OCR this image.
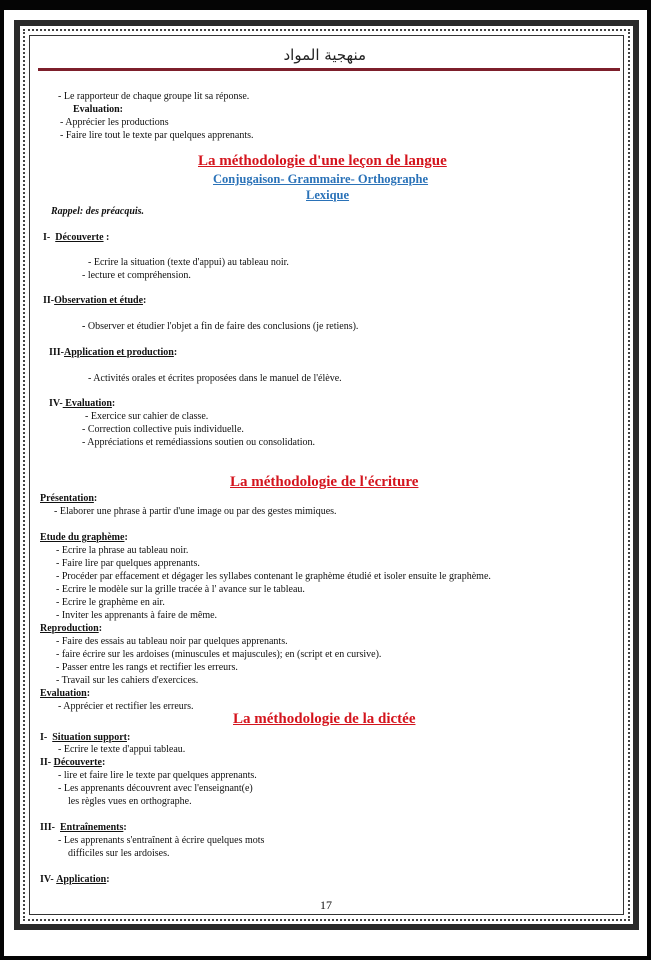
منهجية المواد
- Le rapporteur de chaque groupe lit sa réponse.
Evaluation:
- Apprécier les productions
- Faire lire tout le texte par quelques apprenants.
La méthodologie d'une leçon de langue
Conjugaison- Grammaire- Orthographe
Lexique
Rappel: des préacquis.
I- Découverte :
- Ecrire la situation (texte d'appui) au tableau noir.
- lecture et compréhension.
II-Observation et étude:
- Observer et étudier l'objet a fin de faire des conclusions (je retiens).
III-Application et production:
- Activités orales et écrites proposées dans le manuel de l'élève.
IV- Evaluation:
- Exercice sur cahier de classe.
- Correction collective puis individuelle.
- Appréciations et remédiassions soutien ou consolidation.
La méthodologie de l'écriture
Présentation:
- Elaborer une phrase à partir d'une image ou par des gestes mimiques.
Etude du graphème:
- Ecrire la phrase au tableau noir.
- Faire lire par quelques apprenants.
- Procéder par effacement et dégager les syllabes contenant le graphème étudié et isoler ensuite le graphème.
- Ecrire le modèle sur la grille tracée à l' avance sur le tableau.
- Ecrire le graphème en air.
- Inviter les apprenants à faire de même.
Reproduction:
- Faire des essais au tableau noir par quelques apprenants.
- faire écrire sur les ardoises (minuscules et majuscules); en (script et en cursive).
- Passer entre les rangs et rectifier les erreurs.
- Travail sur les cahiers d'exercices.
Evaluation:
- Apprécier et rectifier les erreurs.
La méthodologie de la dictée
I- Situation support:
- Ecrire le texte d'appui tableau.
II- Découverte:
- lire et faire lire le texte par quelques apprenants.
- Les apprenants découvrent avec l'enseignant(e)
les règles vues en orthographe.
III- Entraînements:
- Les apprenants s'entraînent à écrire quelques mots
difficiles sur les ardoises.
IV- Application:
17
